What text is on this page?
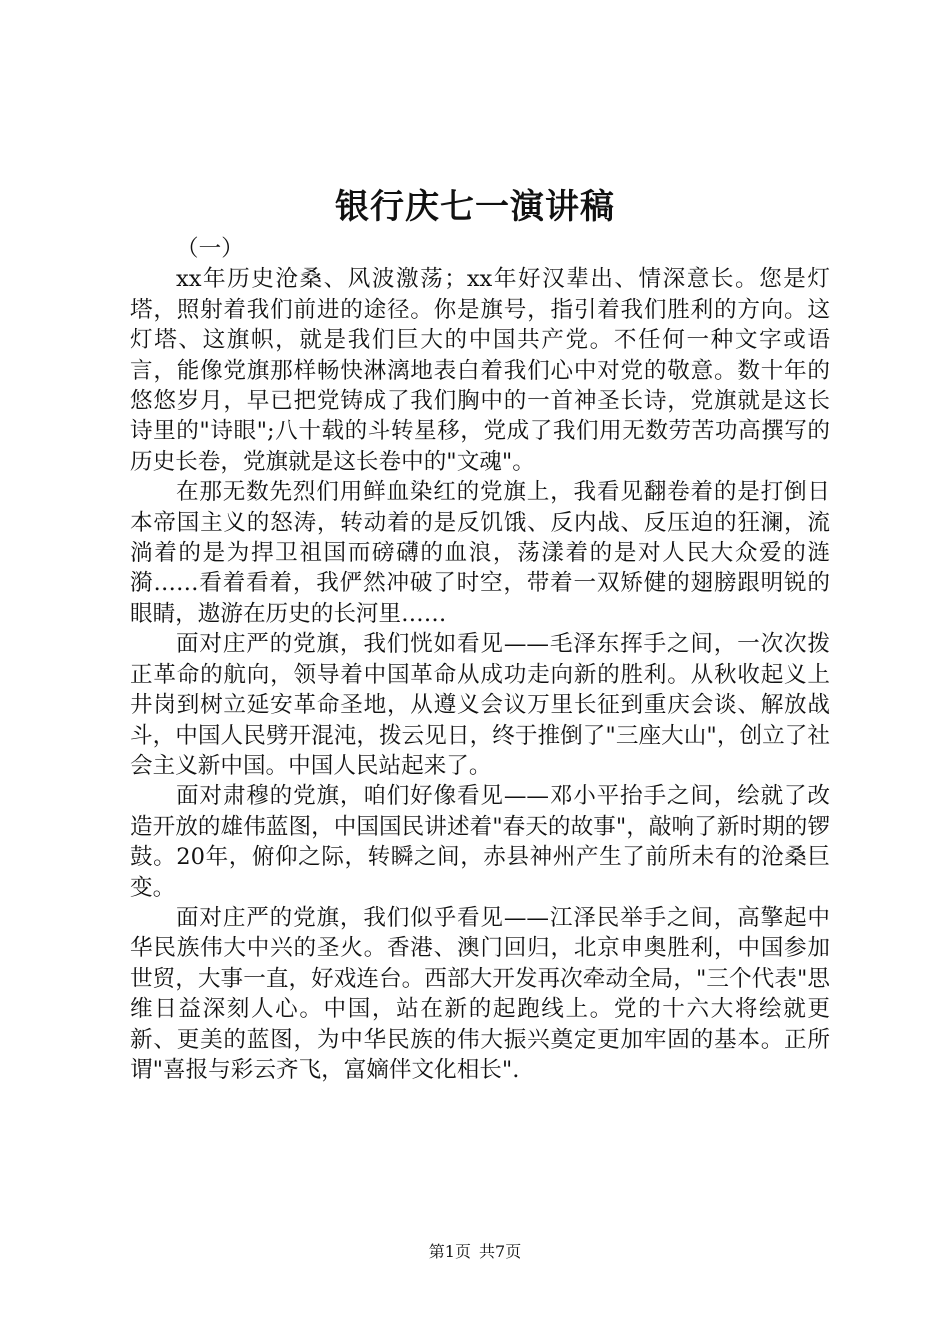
银行庆七一演讲稿

（一）

xx年历史沧桑、风波激荡；xx年好汉辈出、情深意长。您是灯塔，照射着我们前进的途径。你是旗号，指引着我们胜利的方向。这灯塔、这旗帜，就是我们巨大的中国共产党。不任何一种文字或语言，能像党旗那样畅快淋漓地表白着我们心中对党的敬意。数十年的悠悠岁月，早已把党铸成了我们胸中的一首神圣长诗，党旗就是这长诗里的"诗眼";八十载的斗转星移，党成了我们用无数劳苦功高撰写的历史长卷，党旗就是这长卷中的"文魂"。

在那无数先烈们用鲜血染红的党旗上，我看见翻卷着的是打倒日本帝国主义的怒涛，转动着的是反饥饿、反内战、反压迫的狂澜，流淌着的是为捍卫祖国而磅礴的血浪，荡漾着的是对人民大众爱的涟漪……看着看着，我俨然冲破了时空，带着一双矫健的翅膀跟明锐的眼睛，遨游在历史的长河里……

面对庄严的党旗，我们恍如看见——毛泽东挥手之间，一次次拨正革命的航向，领导着中国革命从成功走向新的胜利。从秋收起义上井岗到树立延安革命圣地，从遵义会议万里长征到重庆会谈、解放战斗，中国人民劈开混沌，拨云见日，终于推倒了"三座大山"，创立了社会主义新中国。中国人民站起来了。

面对肃穆的党旗，咱们好像看见——邓小平抬手之间，绘就了改造开放的雄伟蓝图，中国国民讲述着"春天的故事"，敲响了新时期的锣鼓。20年，俯仰之际，转瞬之间，赤县神州产生了前所未有的沧桑巨变。

面对庄严的党旗，我们似乎看见——江泽民举手之间，高擎起中华民族伟大中兴的圣火。香港、澳门回归，北京申奥胜利，中国参加世贸，大事一直，好戏连台。西部大开发再次牵动全局，"三个代表"思维日益深刻人心。中国，站在新的起跑线上。党的十六大将绘就更新、更美的蓝图，为中华民族的伟大振兴奠定更加牢固的基本。正所谓"喜报与彩云齐飞，富嫡伴文化相长".

第1页 共7页
